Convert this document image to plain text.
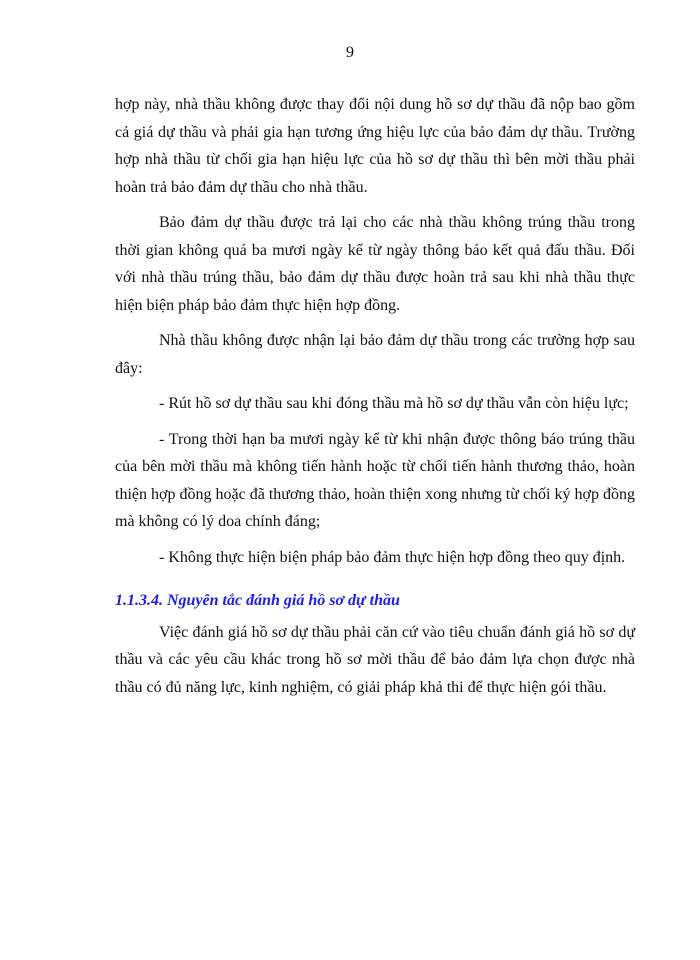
9

hợp này, nhà thầu không được thay đổi nội dung hồ sơ dự thầu đã nộp bao gồm cả giá dự thầu và phải gia hạn tương ứng hiệu lực của bảo đảm dự thầu. Trường hợp nhà thầu từ chối gia hạn hiệu lực của hồ sơ dự thầu thì bên mời thầu phải hoàn trả bảo đảm dự thầu cho nhà thầu.

Bảo đảm dự thầu được trả lại cho các nhà thầu không trúng thầu trong thời gian không quá ba mươi ngày kể từ ngày thông báo kết quả đấu thầu. Đối với nhà thầu trúng thầu, bảo đảm dự thầu được hoàn trả sau khi nhà thầu thực hiện biện pháp bảo đảm thực hiện hợp đồng.

Nhà thầu không được nhận lại bảo đảm dự thầu trong các trường hợp sau đây:

- Rút hồ sơ dự thầu sau khi đóng thầu mà hồ sơ dự thầu vẫn còn hiệu lực;

- Trong thời hạn ba mươi ngày kể từ khi nhận được thông báo trúng thầu của bên mời thầu mà không tiến hành hoặc từ chối tiến hành thương thảo, hoàn thiện hợp đồng hoặc đã thương thảo, hoàn thiện xong nhưng từ chối ký hợp đồng mà không có lý doa chính đáng;

- Không thực hiện biện pháp bảo đảm thực hiện hợp đồng theo quy định.

1.1.3.4. Nguyên tắc đánh giá hồ sơ dự thầu

Việc đánh giá hồ sơ dự thầu phải căn cứ vào tiêu chuẩn đánh giá hồ sơ dự thầu và các yêu cầu khác trong hồ sơ mời thầu để bảo đảm lựa chọn được nhà thầu có đủ năng lực, kinh nghiệm, có giải pháp khả thi để thực hiện gói thầu.
